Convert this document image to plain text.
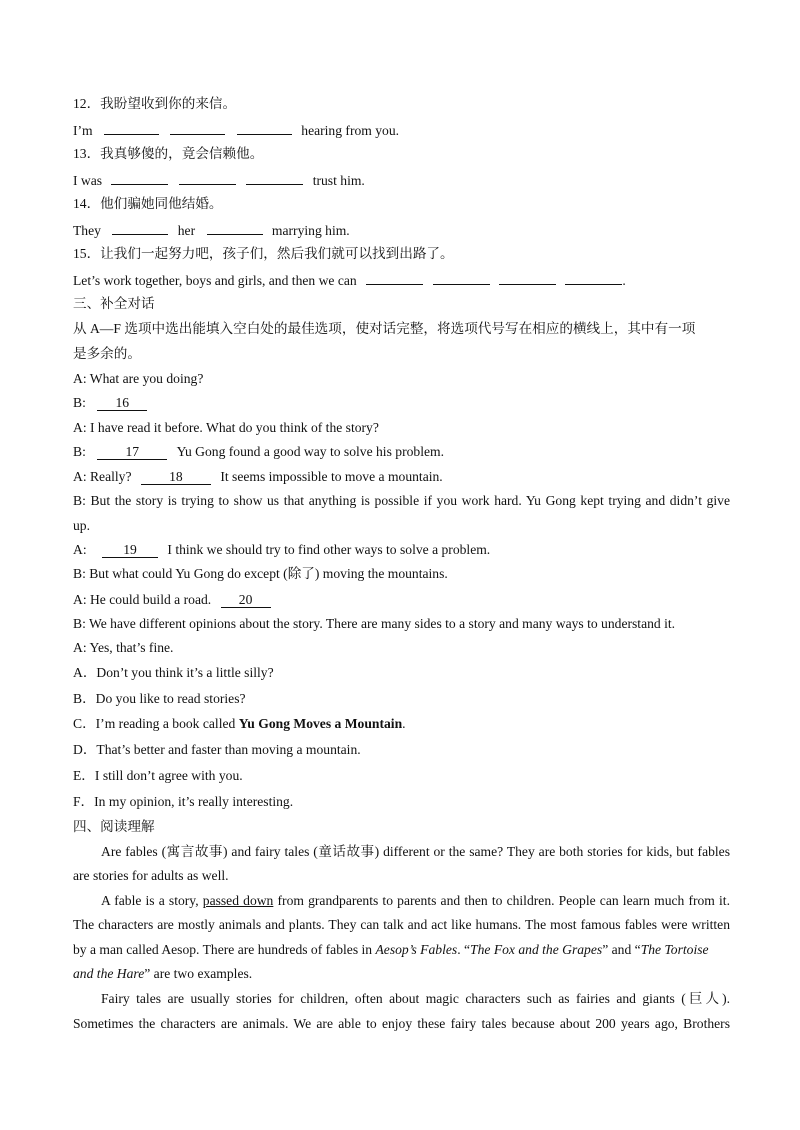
12．我盼望收到你的来信。
I’m	hearing from you.
13．我真够傻的，竟会信赖他。
I was	trust him.
14．他们骗她同他结婚。
They	her	marrying him.
15．让我们一起努力吧，孩子们，然后我们就可以找到出路了。
Let’s work together, boys and girls, and then we can	.
三、补全对话
从 A—F 选项中选出能填入空白处的最佳选项，使对话完整，将选项代号写在相应的横线上，其中有一项
是多余的。
A: What are you doing?
B: 16
A: I have read it before. What do you think of the story?
B:	17	Yu Gong found a good way to solve his problem.
A: Really?	18	It seems impossible to move a mountain.
B: But the story is trying to show us that anything is possible if you work hard. Yu Gong kept trying and didn’t give
up.
A:	19 I think we should try to find other ways to solve a problem.
B: But what could Yu Gong do except (除了) moving the mountains.
A: He could build a road. 20
B: We have different opinions about the story. There are many sides to a story and many ways to understand it.
A: Yes, that’s fine.
A．Don’t you think it’s a little silly?
B．Do you like to read stories?
C．I’m reading a book called Yu Gong Moves a Mountain.
D．That’s better and faster than moving a mountain.
E．I still don’t agree with you.
F．In my opinion, it’s really interesting.
四、阅读理解
Are fables (寓言故事) and fairy tales (童话故事) different or the same? They are both stories for kids, but fables
are stories for adults as well.
A fable is a story, passed down from grandparents to parents and then to children. People can learn much from it.
The characters are mostly animals and plants. They can talk and act like humans. The most famous fables were written
by a man called Aesop. There are hundreds of fables in Aesop’s Fables. “The Fox and the Grapes” and “The Tortoise
and the Hare” are two examples.
Fairy tales are usually stories for children, often about magic characters such as fairies and giants (巨人).
Sometimes the characters are animals. We are able to enjoy these fairy tales because about 200 years ago, Brothers
